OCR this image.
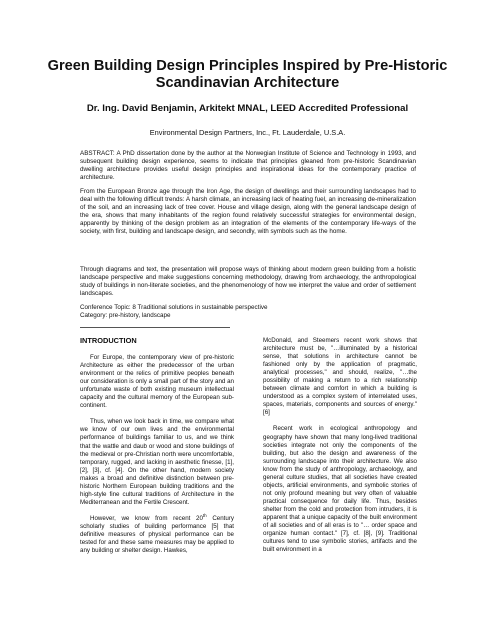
Green Building Design Principles Inspired by Pre-Historic Scandinavian Architecture

Dr. Ing. David Benjamin, Arkitekt MNAL, LEED Accredited Professional

Environmental Design Partners, Inc., Ft. Lauderdale, U.S.A.

ABSTRACT: A PhD dissertation done by the author at the Norwegian Institute of Science and Technology in 1993, and subsequent building design experience, seems to indicate that principles gleaned from pre-historic Scandinavian dwelling architecture provides useful design principles and inspirational ideas for the contemporary practice of architecture.

From the European Bronze age through the Iron Age, the design of dwellings and their surrounding landscapes had to deal with the following difficult trends: A harsh climate, an increasing lack of heating fuel, an increasing de-mineralization of the soil, and an increasing lack of tree cover. House and village design, along with the general landscape design of the era, shows that many inhabitants of the region found relatively successful strategies for environmental design, apparently by thinking of the design problem as an integration of the elements of the contemporary life-ways of the society, with first, building and landscape design, and secondly, with symbols such as the home.

Through diagrams and text, the presentation will propose ways of thinking about modern green building from a holistic landscape perspective and make suggestions concerning methodology, drawing from archaeology, the anthropological study of buildings in non-literate societies, and the phenomenology of how we interpret the value and order of settlement landscapes.

Conference Topic: 8 Traditional solutions in sustainable perspective
Category: pre-history, landscape

INTRODUCTION

For Europe, the contemporary view of pre-historic Architecture as either the predecessor of the urban environment or the relics of primitive peoples beneath our consideration is only a small part of the story and an unfortunate waste of both existing museum intellectual capacity and the cultural memory of the European sub-continent.

Thus, when we look back in time, we compare what we know of our own lives and the environmental performance of buildings familiar to us, and we think that the wattle and daub or wood and stone buildings of the medieval or pre-Christian north were uncomfortable, temporary, rugged, and lacking in aesthetic finesse, [1], [2], [3], cf. [4]. On the other hand, modern society makes a broad and definitive distinction between pre-historic Northern European building traditions and the high-style fine cultural traditions of Architecture in the Mediterranean and the Fertile Crescent.

However, we know from recent 20th Century scholarly studies of building performance [5] that definitive measures of physical performance can be tested for and these same measures may be applied to any building or shelter design. Hawkes,

McDonald, and Steemers recent work shows that architecture must be, "…illuminated by a historical sense, that solutions in architecture cannot be fashioned only by the application of pragmatic, analytical processes," and should, realize, "…the possibility of making a return to a rich relationship between climate and comfort in which a building is understood as a complex system of interrelated uses, spaces, materials, components and sources of energy." [6]

Recent work in ecological anthropology and geography have shown that many long-lived traditional societies integrate not only the components of the building, but also the design and awareness of the surrounding landscape into their architecture. We also know from the study of anthropology, archaeology, and general culture studies, that all societies have created objects, artificial environments, and symbolic stories of not only profound meaning but very often of valuable practical consequence for daily life. Thus, besides shelter from the cold and protection from intruders, it is apparent that a unique capacity of the built environment of all societies and of all eras is to "… order space and organize human contact." [7], cf. [8], [9]. Traditional cultures tend to use symbolic stories, artifacts and the built environment in a
